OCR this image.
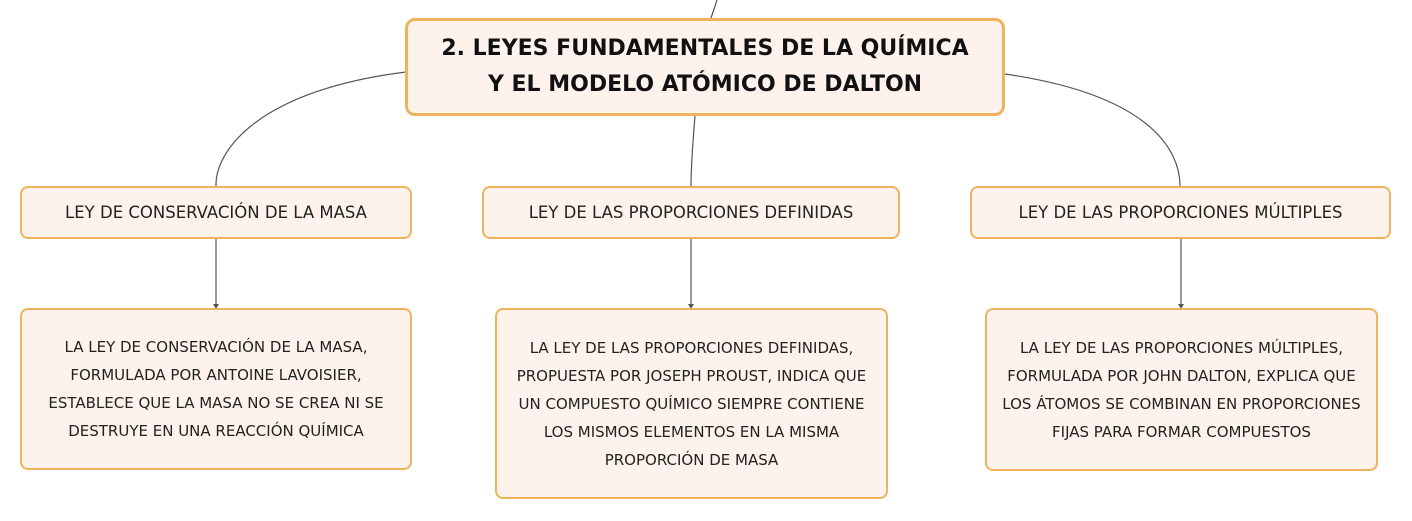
2. LEYES FUNDAMENTALES DE LA QUÍMICA Y EL MODELO ATÓMICO DE DALTON
LEY DE CONSERVACIÓN DE LA MASA	LEY DE LAS PROPORCIONES DEFINIDAS	LEY DE LAS PROPORCIONES MÚLTIPLES
LA LEY DE CONSERVACIÓN DE LA MASA, FORMULADA POR ANTOINE LAVOISIER, ESTABLECE QUE LA MASA NO SE CREA NI SE DESTRUYE EN UNA REACCIÓN QUÍMICA
LA LEY DE LAS PROPORCIONES DEFINIDAS, PROPUESTA POR JOSEPH PROUST, INDICA QUE UN COMPUESTO QUÍMICO SIEMPRE CONTIENE LOS MISMOS ELEMENTOS EN LA MISMA PROPORCIÓN DE MASA
LA LEY DE LAS PROPORCIONES MÚLTIPLES, FORMULADA POR JOHN DALTON, EXPLICA QUE LOS ÁTOMOS SE COMBINAN EN PROPORCIONES FIJAS PARA FORMAR COMPUESTOS
